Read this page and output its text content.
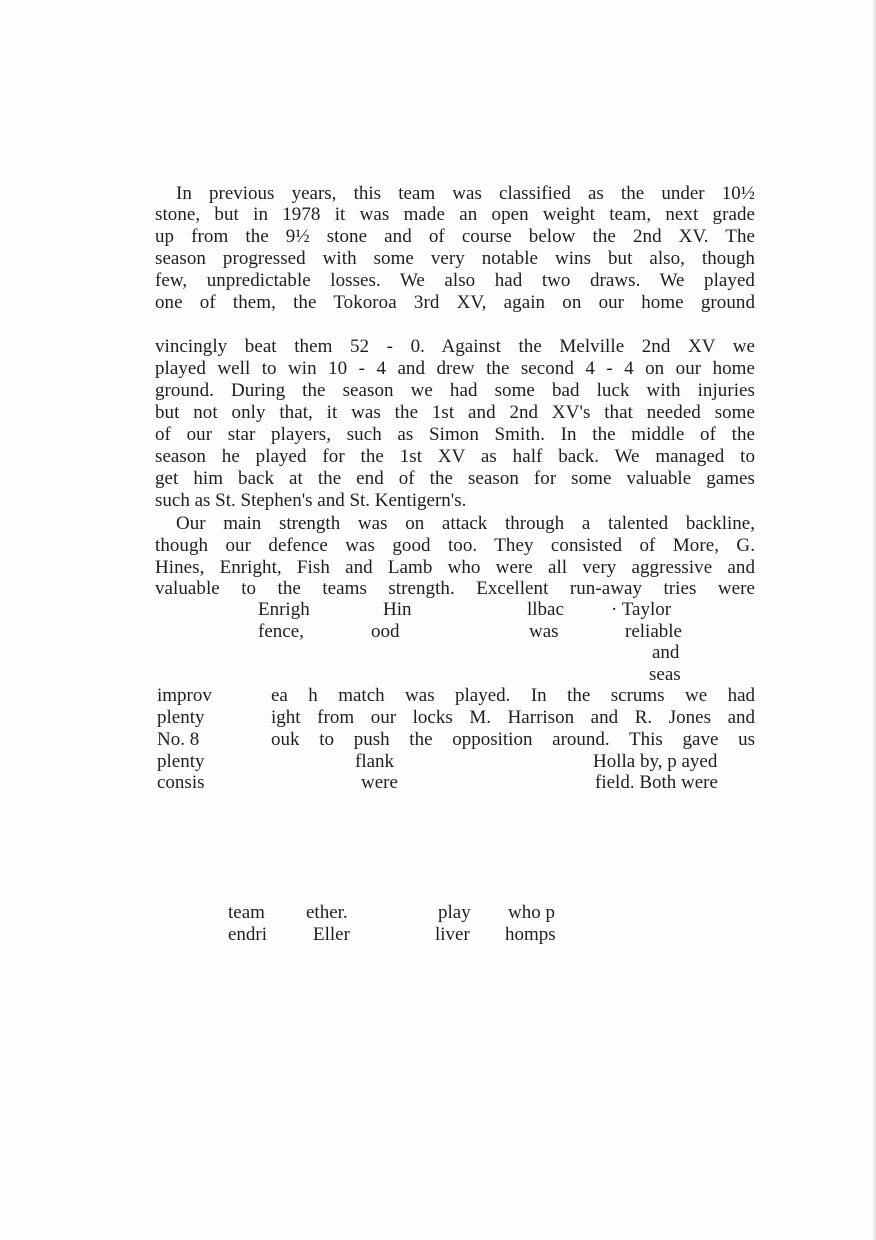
In previous years, this team was classified as the under 10½
stone, but in 1978 it was made an open weight team, next grade
up from the 9½ stone and of course below the 2nd XV. The
season progressed with some very notable wins but also, though
few, unpredictable losses. We also had two draws. We played
one of them, the Tokoroa 3rd XV, again on our home ground
vincingly beat them 52 - 0. Against the Melville 2nd XV we
played well to win 10 - 4 and drew the second 4 - 4 on our home
ground. During the season we had some bad luck with injuries
but not only that, it was the 1st and 2nd XV's that needed some
of our star players, such as Simon Smith. In the middle of the
season he played for the 1st XV as half back. We managed to
get him back at the end of the season for some valuable games
such as St. Stephen's and St. Kentigern's.
Our main strength was on attack through a talented backline,
though our defence was good too. They consisted of More, G.
Hines, Enright, Fish and Lamb who were all very aggressive and
valuable to the teams strength. Excellent run-away tries were
Enrigh	Hin	llbac · Taylor
fence,	ood	was	reliable
and
seas
improv
plenty
No. 8
plenty
consis
ea h match was played. In the scrums we had
ight from our locks M. Harrison and R. Jones and
ouk to push the opposition around. This gave us
flank	Holla by, p ayed
were	field. Both were
team ether.	play who p
endri Eller	liver homps
